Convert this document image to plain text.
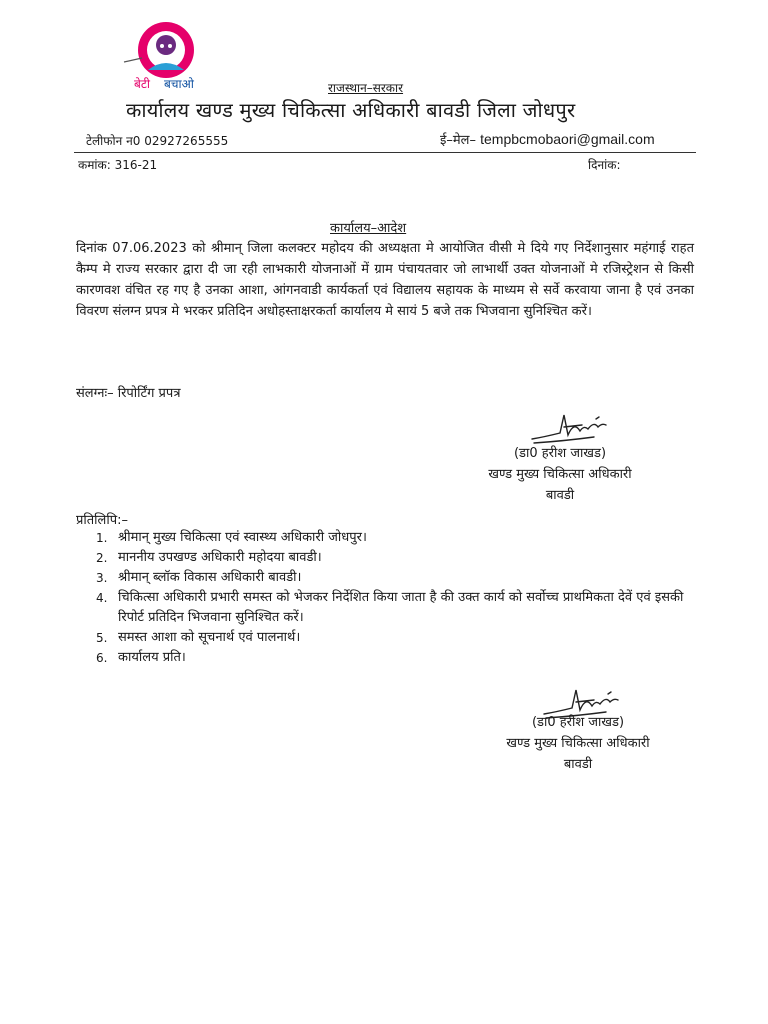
बेटी बचाओ	राजस्थान–सरकार
कार्यालय खण्ड मुख्य चिकित्सा अधिकारी बावडी जिला जोधपुर
टेलीफोन न0 02927265555	ई–मेल– tempbcmobaori@gmail.com
कमांक: 316-21	दिनांक:
कार्यालय–आदेश
दिनांक 07.06.2023 को श्रीमान् जिला कलक्टर महोदय की अध्यक्षता मे आयोजित वीसी मे दिये गए निर्देशानुसार महंगाई राहत कैम्प मे राज्य सरकार द्वारा दी जा रही लाभकारी योजनाओं में ग्राम पंचायतवार जो लाभार्थी उक्त योजनाओं मे रजिस्ट्रेशन से किसी कारणवश वंचित रह गए है उनका आशा, आंगनवाडी कार्यकर्ता एवं विद्यालय सहायक के माध्यम से सर्वे करवाया जाना है एवं उनका विवरण संलग्न प्रपत्र मे भरकर प्रतिदिन अधोहस्ताक्षरकर्ता कार्यालय मे सायं 5 बजे तक भिजवाना सुनिश्चित करें।
संलग्नः– रिपोर्टिंग प्रपत्र
(डा0 हरीश जाखड)
खण्ड मुख्य चिकित्सा अधिकारी
बावडी
प्रतिलिपि:–
1. श्रीमान् मुख्य चिकित्सा एवं स्वास्थ्य अधिकारी जोधपुर।
2. माननीय उपखण्ड अधिकारी महोदया बावडी।
3. श्रीमान् ब्लॉक विकास अधिकारी बावडी।
4. चिकित्सा अधिकारी प्रभारी समस्त को भेजकर निर्देशित किया जाता है की उक्त कार्य को सर्वोच्च प्राथमिकता देवें एवं इसकी रिपोर्ट प्रतिदिन भिजवाना सुनिश्चित करें।
5. समस्त आशा को सूचनार्थ एवं पालनार्थ।
6. कार्यालय प्रति।
(डा0 हरीश जाखड)
खण्ड मुख्य चिकित्सा अधिकारी
बावडी
